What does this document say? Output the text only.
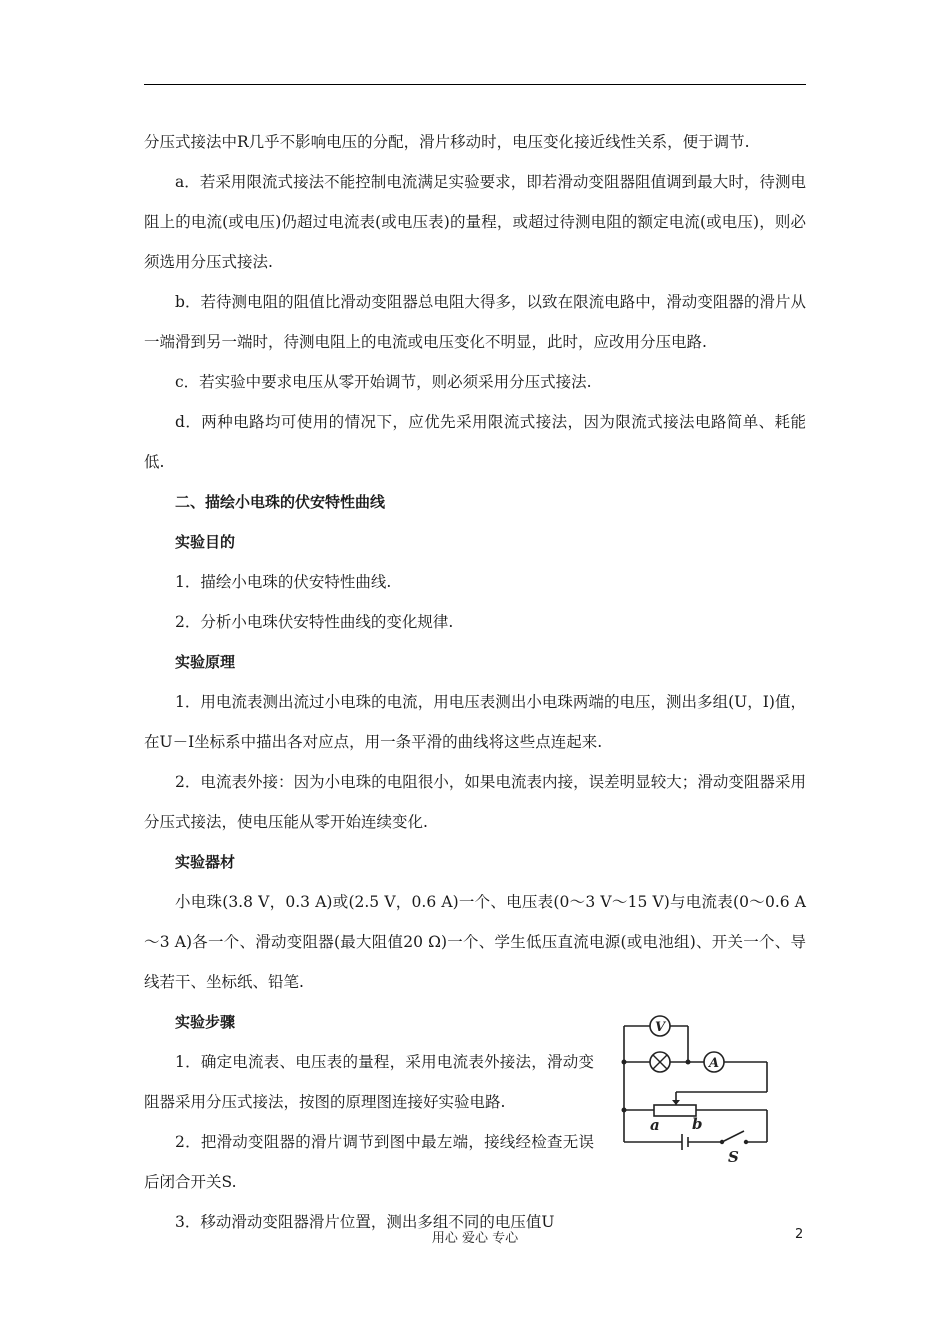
分压式接法中R几乎不影响电压的分配，滑片移动时，电压变化接近线性关系，便于调节.

a．若采用限流式接法不能控制电流满足实验要求，即若滑动变阻器阻值调到最大时，待测电阻上的电流(或电压)仍超过电流表(或电压表)的量程，或超过待测电阻的额定电流(或电压)，则必须选用分压式接法.

b．若待测电阻的阻值比滑动变阻器总电阻大得多，以致在限流电路中，滑动变阻器的滑片从一端滑到另一端时，待测电阻上的电流或电压变化不明显，此时，应改用分压电路.

c．若实验中要求电压从零开始调节，则必须采用分压式接法.

d．两种电路均可使用的情况下，应优先采用限流式接法，因为限流式接法电路简单、耗能低.

二、描绘小电珠的伏安特性曲线

实验目的

1．描绘小电珠的伏安特性曲线.

2．分析小电珠伏安特性曲线的变化规律.

实验原理

1．用电流表测出流过小电珠的电流，用电压表测出小电珠两端的电压，测出多组(U，I)值，在U－I坐标系中描出各对应点，用一条平滑的曲线将这些点连起来.

2．电流表外接：因为小电珠的电阻很小，如果电流表内接，误差明显较大；滑动变阻器采用分压式接法，使电压能从零开始连续变化.

实验器材

小电珠(3.8 V，0.3 A)或(2.5 V，0.6 A)一个、电压表(0～3 V～15 V)与电流表(0～0.6 A～3 A)各一个、滑动变阻器(最大阻值20 Ω)一个、学生低压直流电源(或电池组)、开关一个、导线若干、坐标纸、铅笔.

实验步骤

1．确定电流表、电压表的量程，采用电流表外接法，滑动变阻器采用分压式接法，按图的原理图连接好实验电路.

2．把滑动变阻器的滑片调节到图中最左端，接线经检查无误后闭合开关S.

3．移动滑动变阻器滑片位置，测出多组不同的电压值U

V
A
a b
S
用心 爱心 专心	2
